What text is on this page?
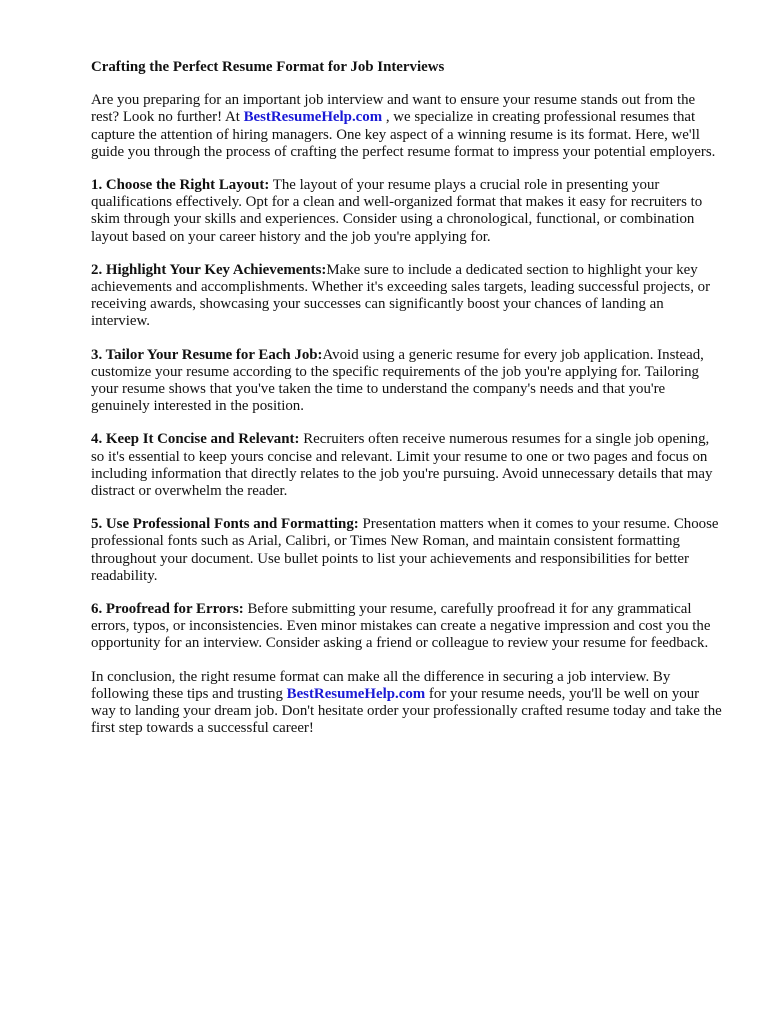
Crafting the Perfect Resume Format for Job Interviews

Are you preparing for an important job interview and want to ensure your resume stands out from the rest? Look no further! At BestResumeHelp.com , we specialize in creating professional resumes that capture the attention of hiring managers. One key aspect of a winning resume is its format. Here, we'll guide you through the process of crafting the perfect resume format to impress your potential employers.

1. Choose the Right Layout: The layout of your resume plays a crucial role in presenting your qualifications effectively. Opt for a clean and well-organized format that makes it easy for recruiters to skim through your skills and experiences. Consider using a chronological, functional, or combination layout based on your career history and the job you're applying for.

2. Highlight Your Key Achievements:Make sure to include a dedicated section to highlight your key achievements and accomplishments. Whether it's exceeding sales targets, leading successful projects, or receiving awards, showcasing your successes can significantly boost your chances of landing an interview.

3. Tailor Your Resume for Each Job:Avoid using a generic resume for every job application. Instead, customize your resume according to the specific requirements of the job you're applying for. Tailoring your resume shows that you've taken the time to understand the company's needs and that you're genuinely interested in the position.

4. Keep It Concise and Relevant: Recruiters often receive numerous resumes for a single job opening, so it's essential to keep yours concise and relevant. Limit your resume to one or two pages and focus on including information that directly relates to the job you're pursuing. Avoid unnecessary details that may distract or overwhelm the reader.

5. Use Professional Fonts and Formatting: Presentation matters when it comes to your resume. Choose professional fonts such as Arial, Calibri, or Times New Roman, and maintain consistent formatting throughout your document. Use bullet points to list your achievements and responsibilities for better readability.

6. Proofread for Errors: Before submitting your resume, carefully proofread it for any grammatical errors, typos, or inconsistencies. Even minor mistakes can create a negative impression and cost you the opportunity for an interview. Consider asking a friend or colleague to review your resume for feedback.

In conclusion, the right resume format can make all the difference in securing a job interview. By following these tips and trusting BestResumeHelp.com for your resume needs, you'll be well on your way to landing your dream job. Don't hesitate order your professionally crafted resume today and take the first step towards a successful career!
